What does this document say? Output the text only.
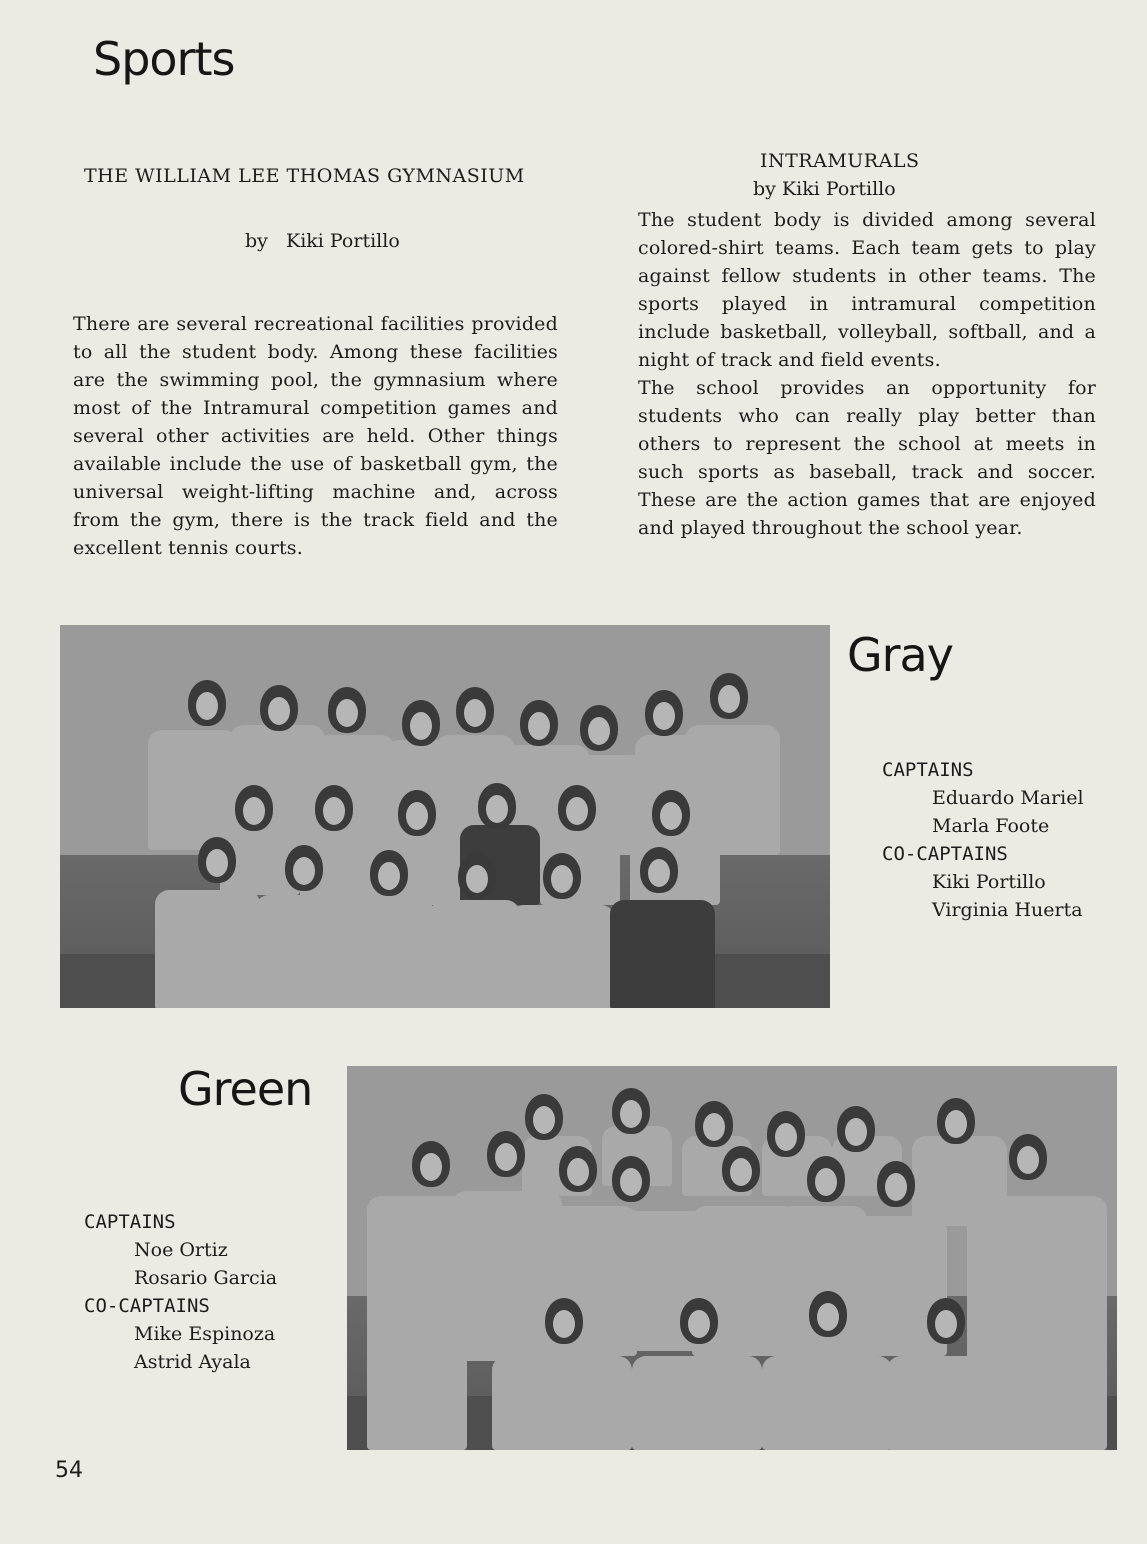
Sports
THE WILLIAM LEE THOMAS GYMNASIUM
by   Kiki Portillo

There are several recreational facilities provided to all the student body. Among these facilities are the swimming pool, the gymnasium where most of the Intramural competition games and several other activities are held. Other things available include the use of basketball gym, the universal weight-lifting machine and, across from the gym, there is the track field and the excellent tennis courts.

INTRAMURALS
by Kiki Portillo

The student body is divided among several colored-shirt teams. Each team gets to play against fellow students in other teams. The sports played in intramural competition include basketball, volleyball, softball, and a night of track and field events.

The school provides an opportunity for students who can really play better than others to represent the school at meets in such sports as baseball, track and soccer. These are the action games that are enjoyed and played throughout the school year.

Gray
CAPTAINS
Eduardo Mariel
Marla Foote
CO-CAPTAINS
Kiki Portillo
Virginia Huerta
Green
CAPTAINS
Noe Ortiz
Rosario Garcia
CO-CAPTAINS
Mike Espinoza
Astrid Ayala
54
